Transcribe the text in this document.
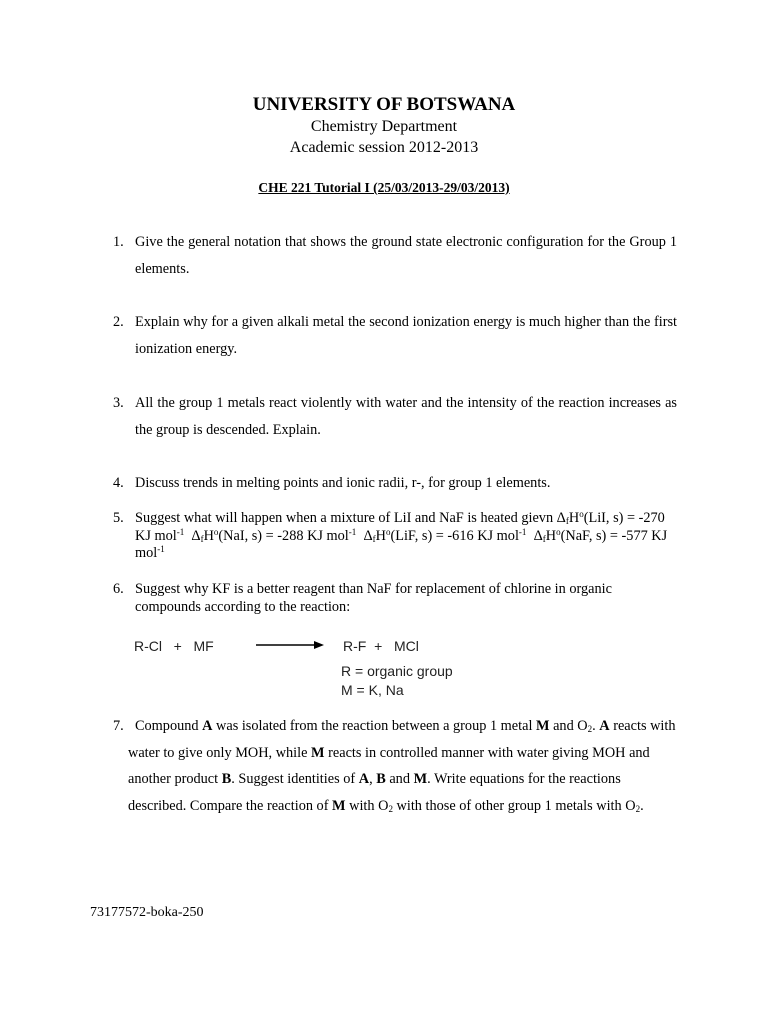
UNIVERSITY OF BOTSWANA
Chemistry Department
Academic session 2012-2013
CHE 221 Tutorial I (25/03/2013-29/03/2013)
1. Give the general notation that shows the ground state electronic configuration for the Group 1 elements.
2. Explain why for a given alkali metal the second ionization energy is much higher than the first ionization energy.
3. All the group 1 metals react violently with water and the intensity of the reaction increases as the group is descended. Explain.
4. Discuss trends in melting points and ionic radii, r-, for group 1 elements.
5. Suggest what will happen when a mixture of LiI and NaF is heated gievn $\Delta_fH^o(LiI$, s) = -270 KJ mol$^{-1}$ $\Delta_fH^o(NaI$, s) = -288 KJ mol$^{-1}$ $\Delta_fH^o(LiF$, s) = -616 KJ mol$^{-1}$ $\Delta_fH^o(NaF$, s) = -577 KJ mol$^{-1}$
6. Suggest why KF is a better reagent than NaF for replacement of chlorine in organic compounds according to the reaction:
R-Cl   +   MF	R-F  +   MCl
R = organic group
M = K, Na
7. Compound A was isolated from the reaction between a group 1 metal M and $O_2$. A reacts with water to give only MOH, while M reacts in controlled manner with water giving MOH and another product B. Suggest identities of A, B and M. Write equations for the reactions described. Compare the reaction of M with $O_2$ with those of other group 1 metals with $O_2$.
73177572-boka-250
